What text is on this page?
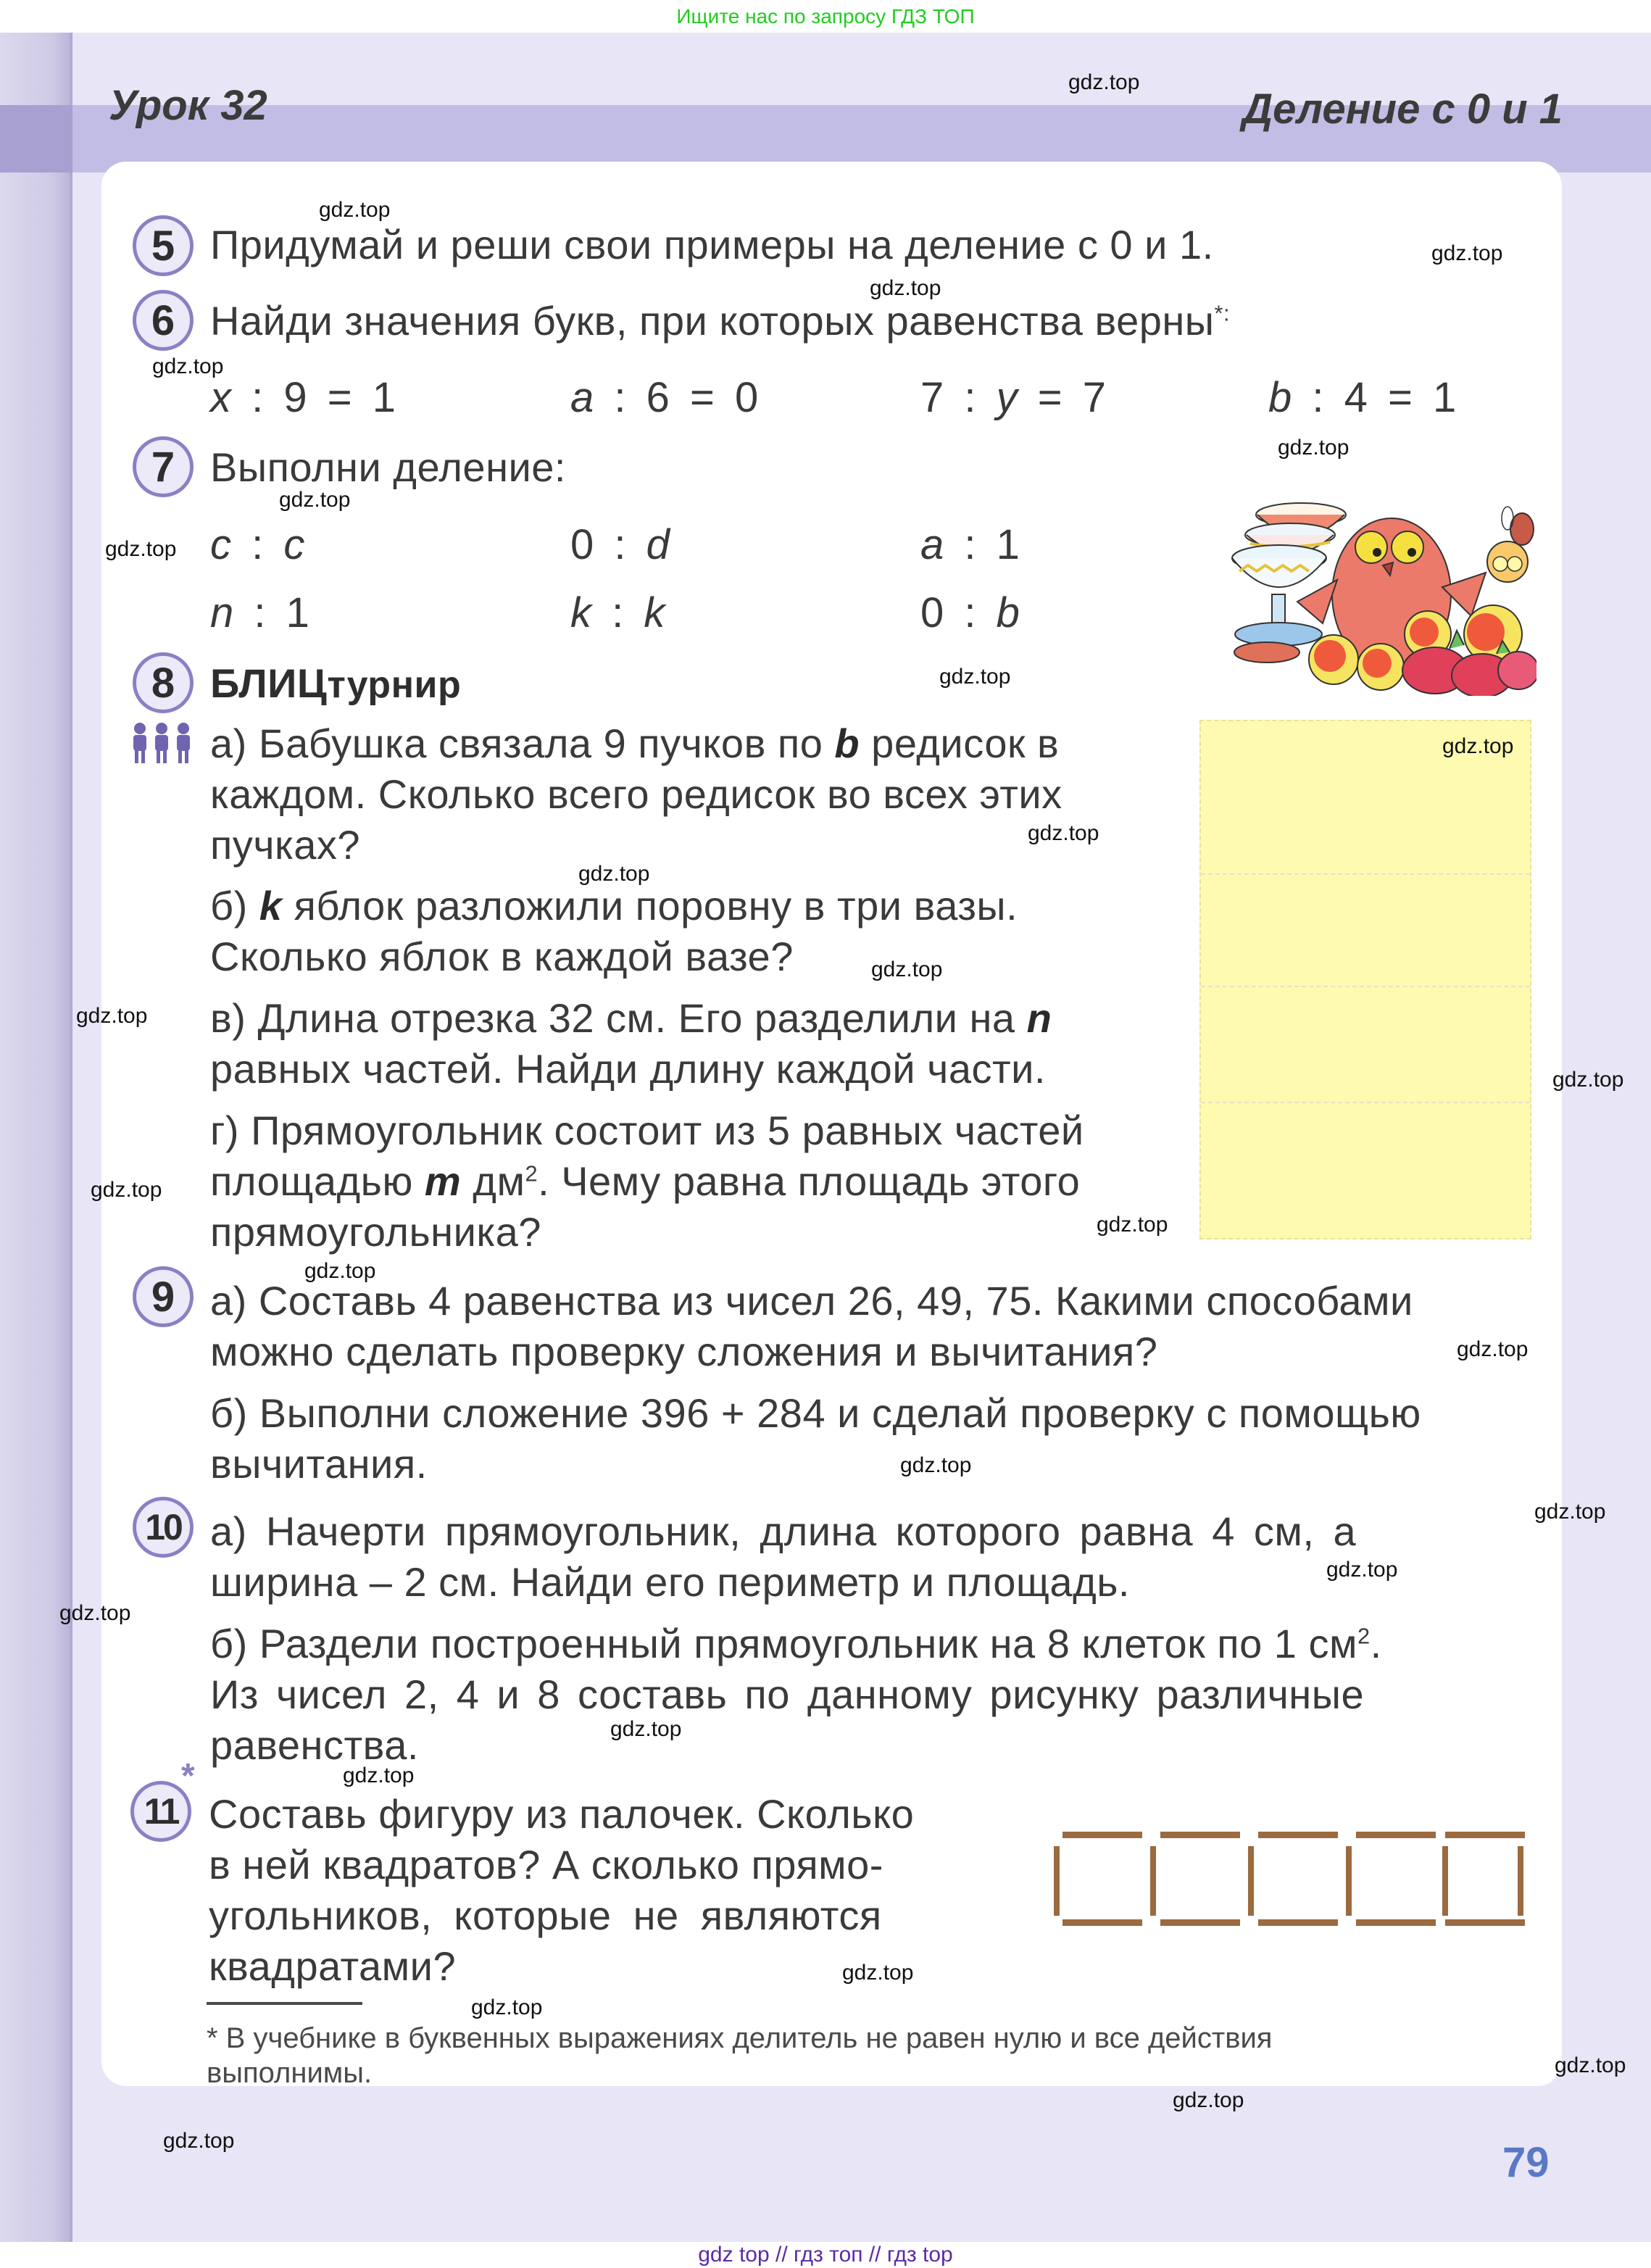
Ищите нас по запросу ГДЗ ТОП
Урок 32	Деление с 0 и 1
5 Придумай и реши свои примеры на деление с 0 и 1.
6 Найди значения букв, при которых равенства верны*:
x : 9 = 1	a : 6 = 0	7 : y = 7	b : 4 = 1
7 Выполни деление:
c : c	0 : d	a : 1
n : 1	k : k	0 : b
8 БЛИЦтурнир
а) Бабушка связала 9 пучков по b редисок в
каждом. Сколько всего редисок во всех этих
пучках?
б) k яблок разложили поровну в три вазы.
Сколько яблок в каждой вазе?
в) Длина отрезка 32 см. Его разделили на n
равных частей. Найди длину каждой части.
г) Прямоугольник состоит из 5 равных частей
площадью m $дм^2$. Чему равна площадь этого
прямоугольника?
9 а) Составь 4 равенства из чисел 26, 49, 75. Какими способами
можно сделать проверку сложения и вычитания?
б) Выполни сложение 396 + 284 и сделай проверку с помощью
вычитания.
10 а) Начерти прямоугольник, длина которого равна 4 см, а
ширина – 2 см. Найди его периметр и площадь.
б) Раздели построенный прямоугольник на 8 клеток по 1 $см^2$.
Из чисел 2, 4 и 8 составь по данному рисунку различные
равенства.
*
11 Составь фигуру из палочек. Сколько
в ней квадратов? А сколько прямо-
угольников, которые не являются
квадратами?
* В учебнике в буквенных выражениях делитель не равен нулю и все действия
выполнимы.
79
gdz.top
gdz.top
gdz.top
gdz.top
gdz.top
gdz.top
gdz.top
gdz.top
gdz.top
gdz.top
gdz.top
gdz.top
gdz.top
gdz.top
gdz.top
gdz.top
gdz.top
gdz.top
gdz.top
gdz.top
gdz.top
gdz.top
gdz.top
gdz.top
gdz.top
gdz.top
gdz.top
gdz.top
gdz.top
gdz.top
gdz top // гдз топ // гдз top
